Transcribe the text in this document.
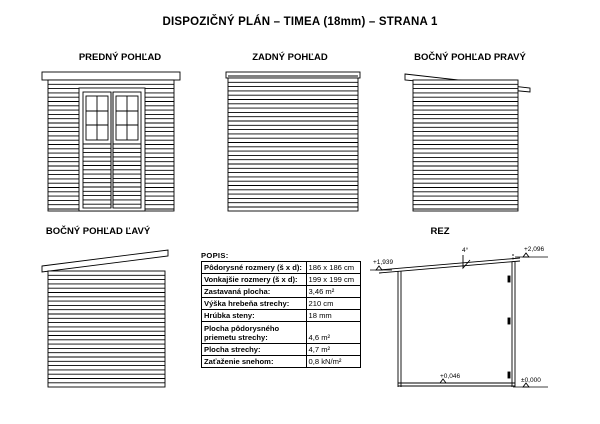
DISPOZIČNÝ PLÁN – TIMEA (18mm) – STRANA 1
PREDNÝ POHĽAD	ZADNÝ POHĽAD	BOČNÝ POHĽAD PRAVÝ
BOČNÝ POHĽAD ĽAVÝ	REZ
+1,939
+2,096
4°
+0,046
±0,000
POPIS:
Pôdorysné rozmery (š x d):	186 x 186 cm
Vonkajšie rozmery (š x d):	199 x 199 cm
Zastavaná plocha:	3,46 m²
Výška hrebeňa strechy:	210 cm
Hrúbka steny:	18 mm
Plocha pôdorysného priemetu strechy:	4,6 m²
Plocha strechy:	4,7 m²
Zaťaženie snehom:	0,8 kN/m²
